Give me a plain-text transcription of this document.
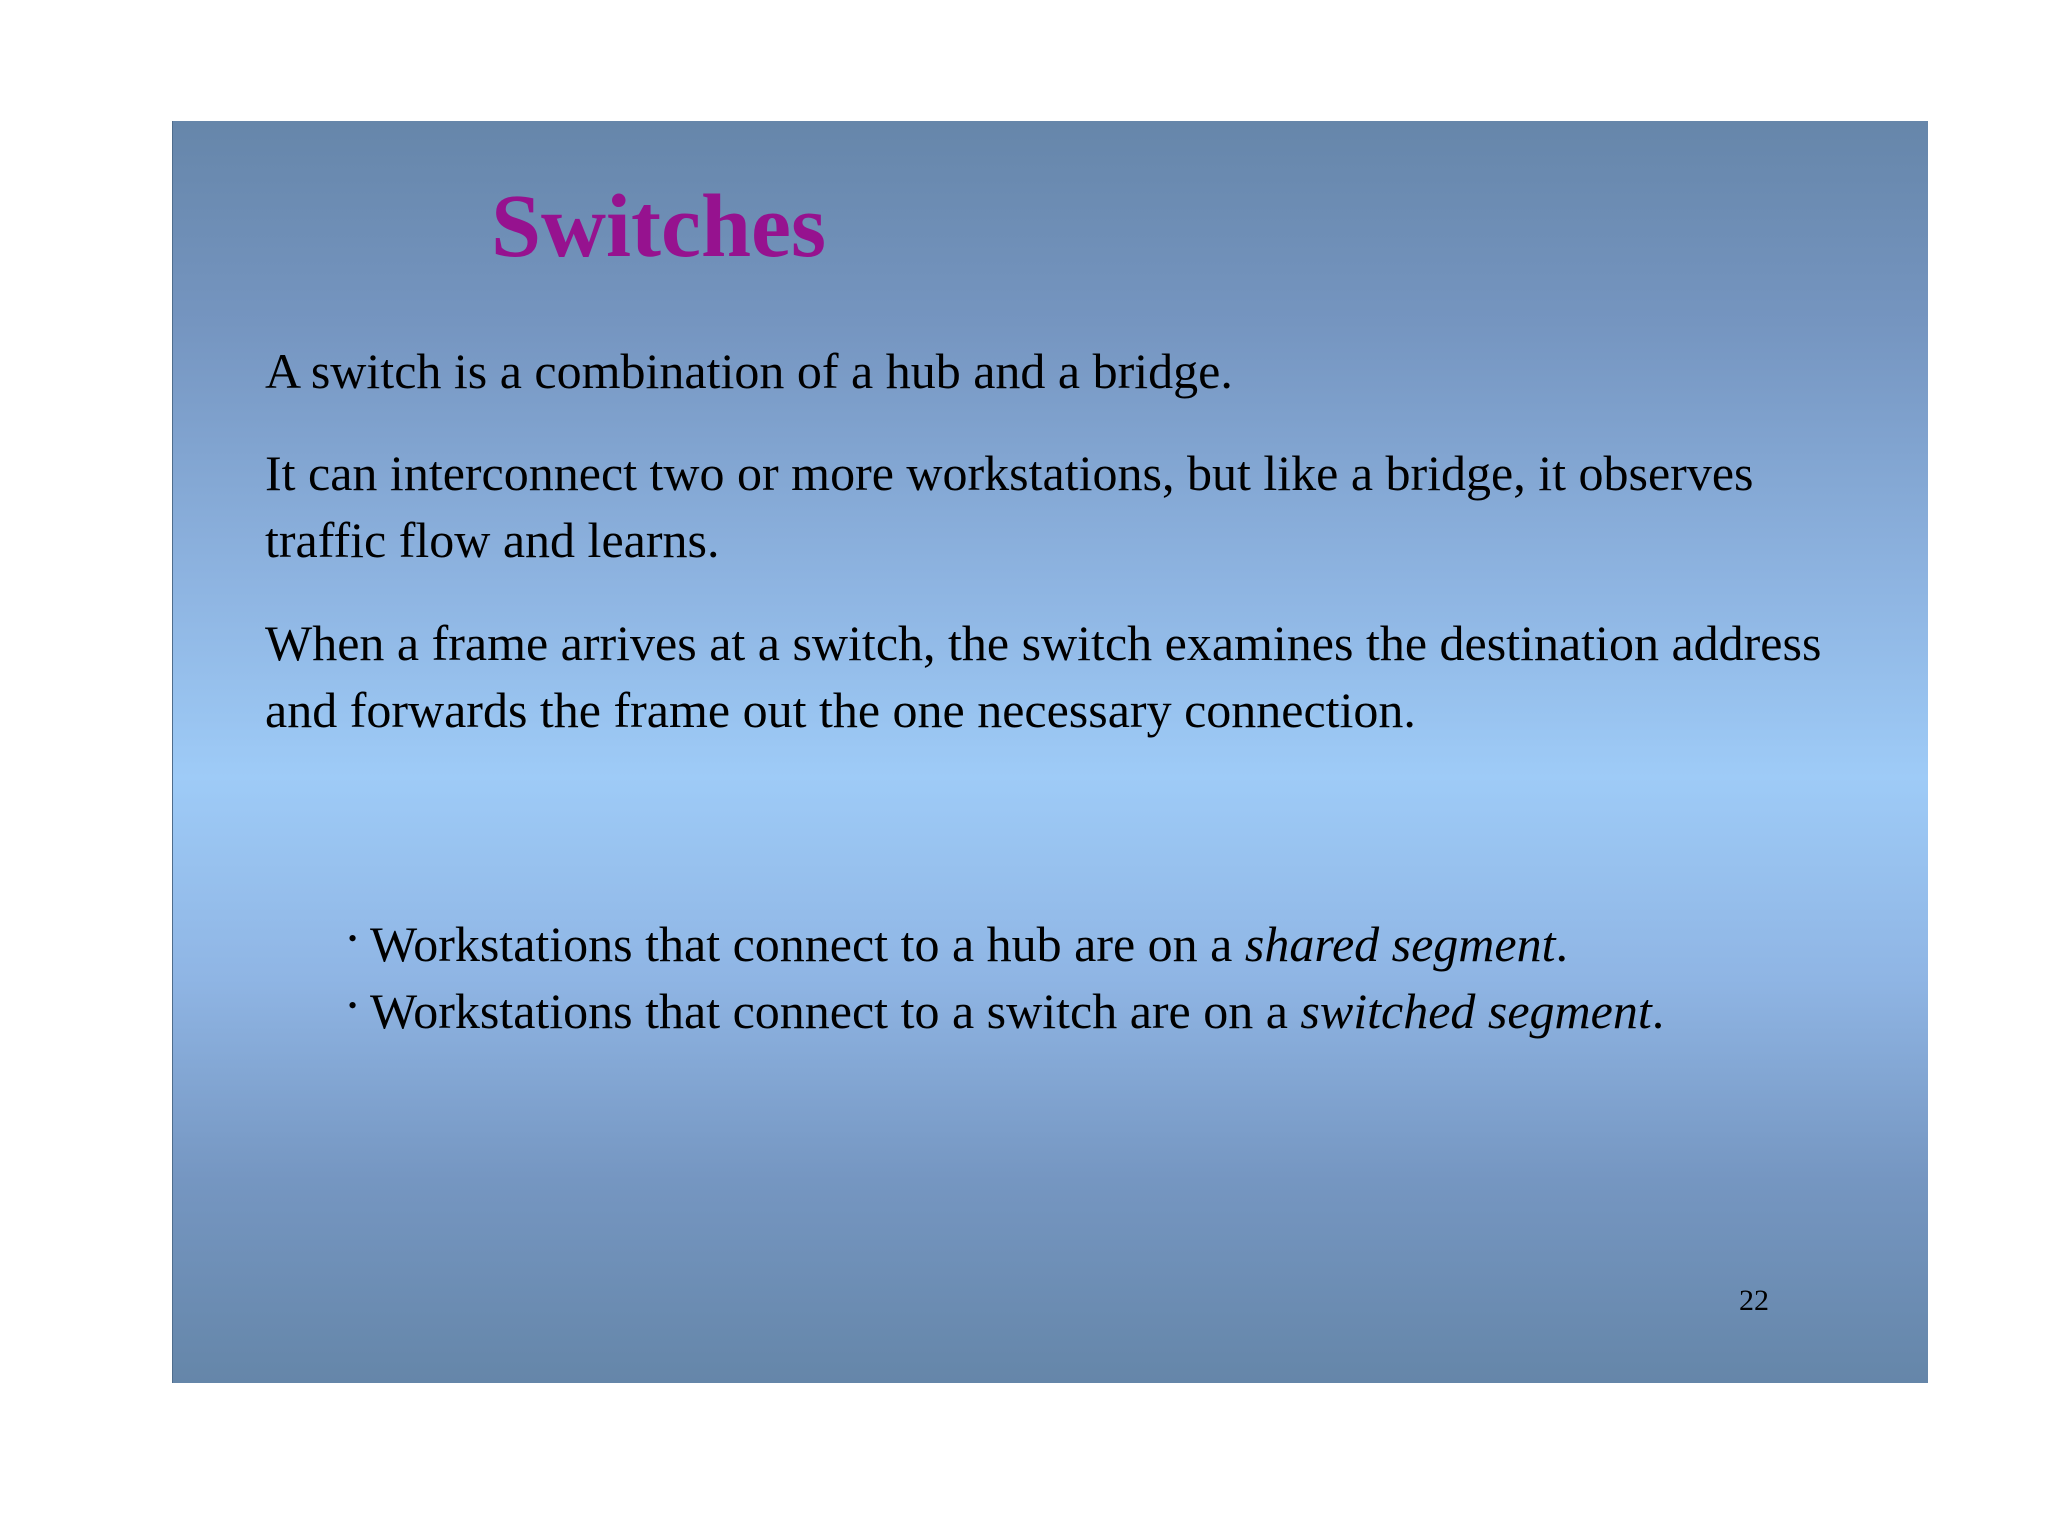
Switches

A switch is a combination of a hub and a bridge.

It can interconnect two or more workstations, but like a bridge, it observes traffic flow and learns.

When a frame arrives at a switch, the switch examines the destination address and forwards the frame out the one necessary connection.

• Workstations that connect to a hub are on a shared segment.
• Workstations that connect to a switch are on a switched segment.
22
